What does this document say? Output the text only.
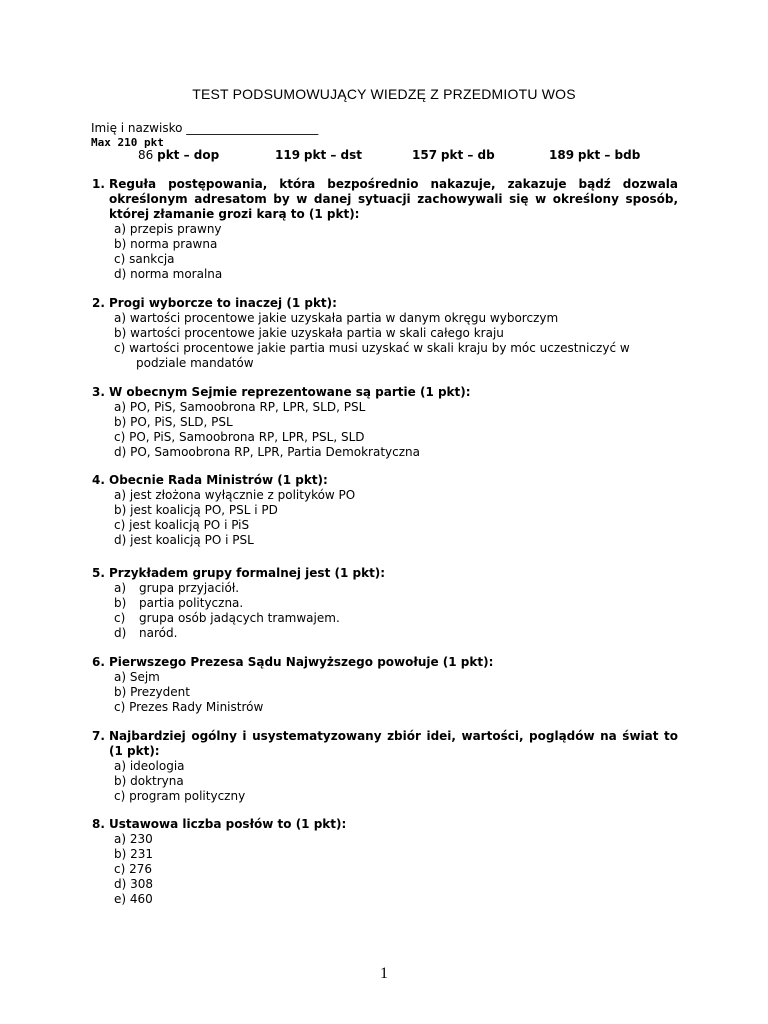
TEST PODSUMOWUJĄCY WIEDZĘ Z PRZEDMIOTU WOS
Imię i nazwisko ______________________
Max 210 pkt
86 pkt – dop	119 pkt – dst	157 pkt – db	189 pkt – bdb
1. Reguła postępowania, która bezpośrednio nakazuje, zakazuje bądź dozwala określonym adresatom by w danej sytuacji zachowywali się w określony sposób, której złamanie grozi karą to (1 pkt):
a) przepis prawny
b) norma prawna
c) sankcja
d) norma moralna
2. Progi wyborcze to inaczej (1 pkt):
a) wartości procentowe jakie uzyskała partia w danym okręgu wyborczym
b) wartości procentowe jakie uzyskała partia w skali całego kraju
c) wartości procentowe jakie partia musi uzyskać w skali kraju by móc uczestniczyć w podziale mandatów
3. W obecnym Sejmie reprezentowane są partie (1 pkt):
a) PO, PiS, Samoobrona RP, LPR, SLD, PSL
b) PO, PiS, SLD, PSL
c) PO, PiS, Samoobrona RP, LPR, PSL, SLD
d) PO, Samoobrona RP, LPR, Partia Demokratyczna
4. Obecnie Rada Ministrów (1 pkt):
a) jest złożona wyłącznie z polityków PO
b) jest koalicją PO, PSL i PD
c) jest koalicją PO i PiS
d) jest koalicją PO i PSL
5. Przykładem grupy formalnej jest (1 pkt):
a) grupa przyjaciół.
b) partia polityczna.
c) grupa osób jadących tramwajem.
d) naród.
6. Pierwszego Prezesa Sądu Najwyższego powołuje (1 pkt):
a) Sejm
b) Prezydent
c) Prezes Rady Ministrów
7. Najbardziej ogólny i usystematyzowany zbiór idei, wartości, poglądów na świat to (1 pkt):
a) ideologia
b) doktryna
c) program polityczny
8. Ustawowa liczba posłów to (1 pkt):
a) 230
b) 231
c) 276
d) 308
e) 460
1
